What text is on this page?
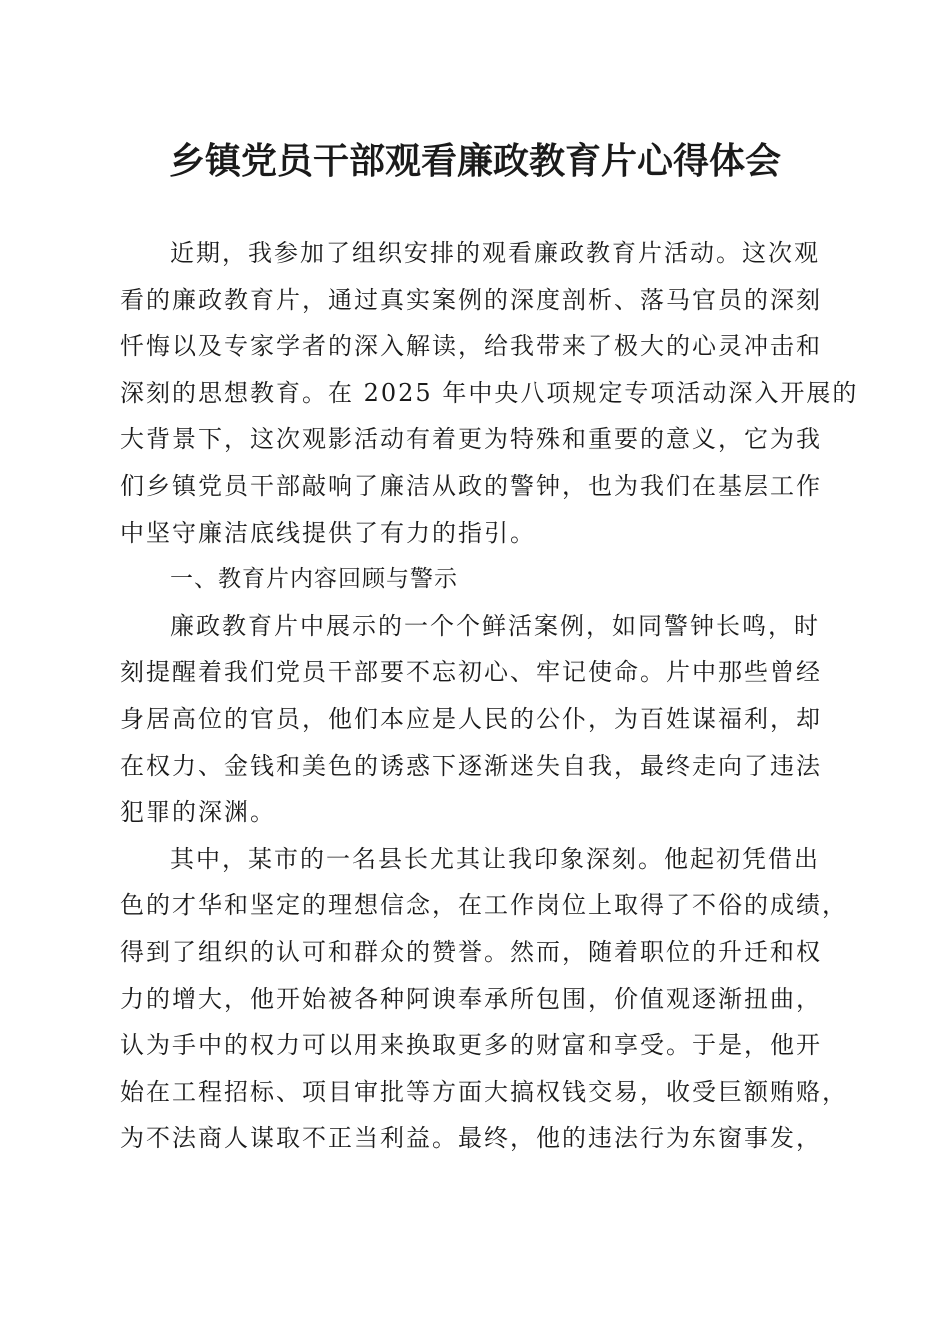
乡镇党员干部观看廉政教育片心得体会
近期，我参加了组织安排的观看廉政教育片活动。这次观
看的廉政教育片，通过真实案例的深度剖析、落马官员的深刻
忏悔以及专家学者的深入解读，给我带来了极大的心灵冲击和
深刻的思想教育。在 2025 年中央八项规定专项活动深入开展的
大背景下，这次观影活动有着更为特殊和重要的意义，它为我
们乡镇党员干部敲响了廉洁从政的警钟，也为我们在基层工作
中坚守廉洁底线提供了有力的指引。
一、教育片内容回顾与警示
廉政教育片中展示的一个个鲜活案例，如同警钟长鸣，时
刻提醒着我们党员干部要不忘初心、牢记使命。片中那些曾经
身居高位的官员，他们本应是人民的公仆，为百姓谋福利，却
在权力、金钱和美色的诱惑下逐渐迷失自我，最终走向了违法
犯罪的深渊。
其中，某市的一名县长尤其让我印象深刻。他起初凭借出
色的才华和坚定的理想信念，在工作岗位上取得了不俗的成绩，
得到了组织的认可和群众的赞誉。然而，随着职位的升迁和权
力的增大，他开始被各种阿谀奉承所包围，价值观逐渐扭曲，
认为手中的权力可以用来换取更多的财富和享受。于是，他开
始在工程招标、项目审批等方面大搞权钱交易，收受巨额贿赂，
为不法商人谋取不正当利益。最终，他的违法行为东窗事发，
